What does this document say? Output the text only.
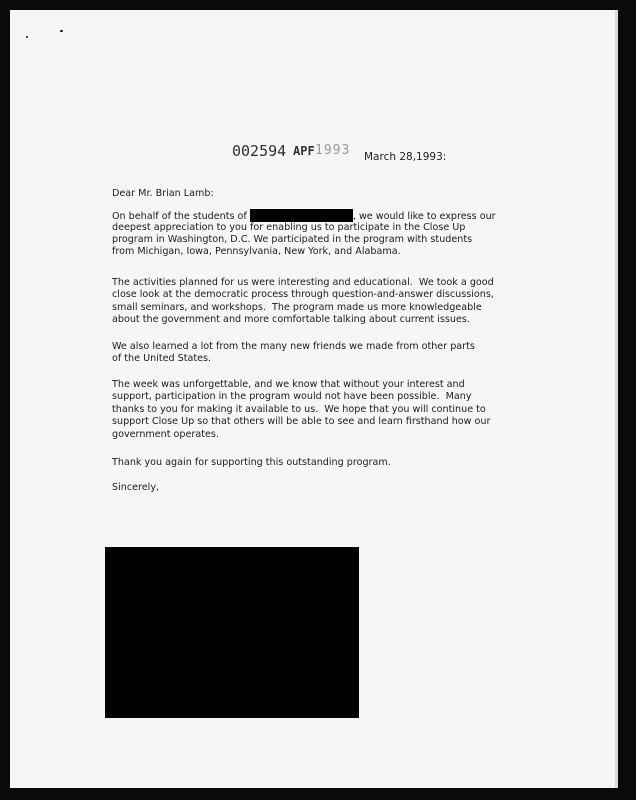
002594 APF 1993 March 28,1993:

Dear Mr. Brian Lamb:

On behalf of the students of	, we would like to express our

deepest appreciation to you for enabling us to participate in the Close Up
program in Washington, D.C. We participated in the program with students
from Michigan, Iowa, Pennsylvania, New York, and Alabama.

The activities planned for us were interesting and educational.  We took a good
close look at the democratic process through question-and-answer discussions,
small seminars, and workshops.  The program made us more knowledgeable
about the government and more comfortable talking about current issues.

We also learned a lot from the many new friends we made from other parts
of the United States.

The week was unforgettable, and we know that without your interest and
support, participation in the program would not have been possible.  Many
thanks to you for making it available to us.  We hope that you will continue to
support Close Up so that others will be able to see and learn firsthand how our
government operates.

Thank you again for supporting this outstanding program.

Sincerely,
